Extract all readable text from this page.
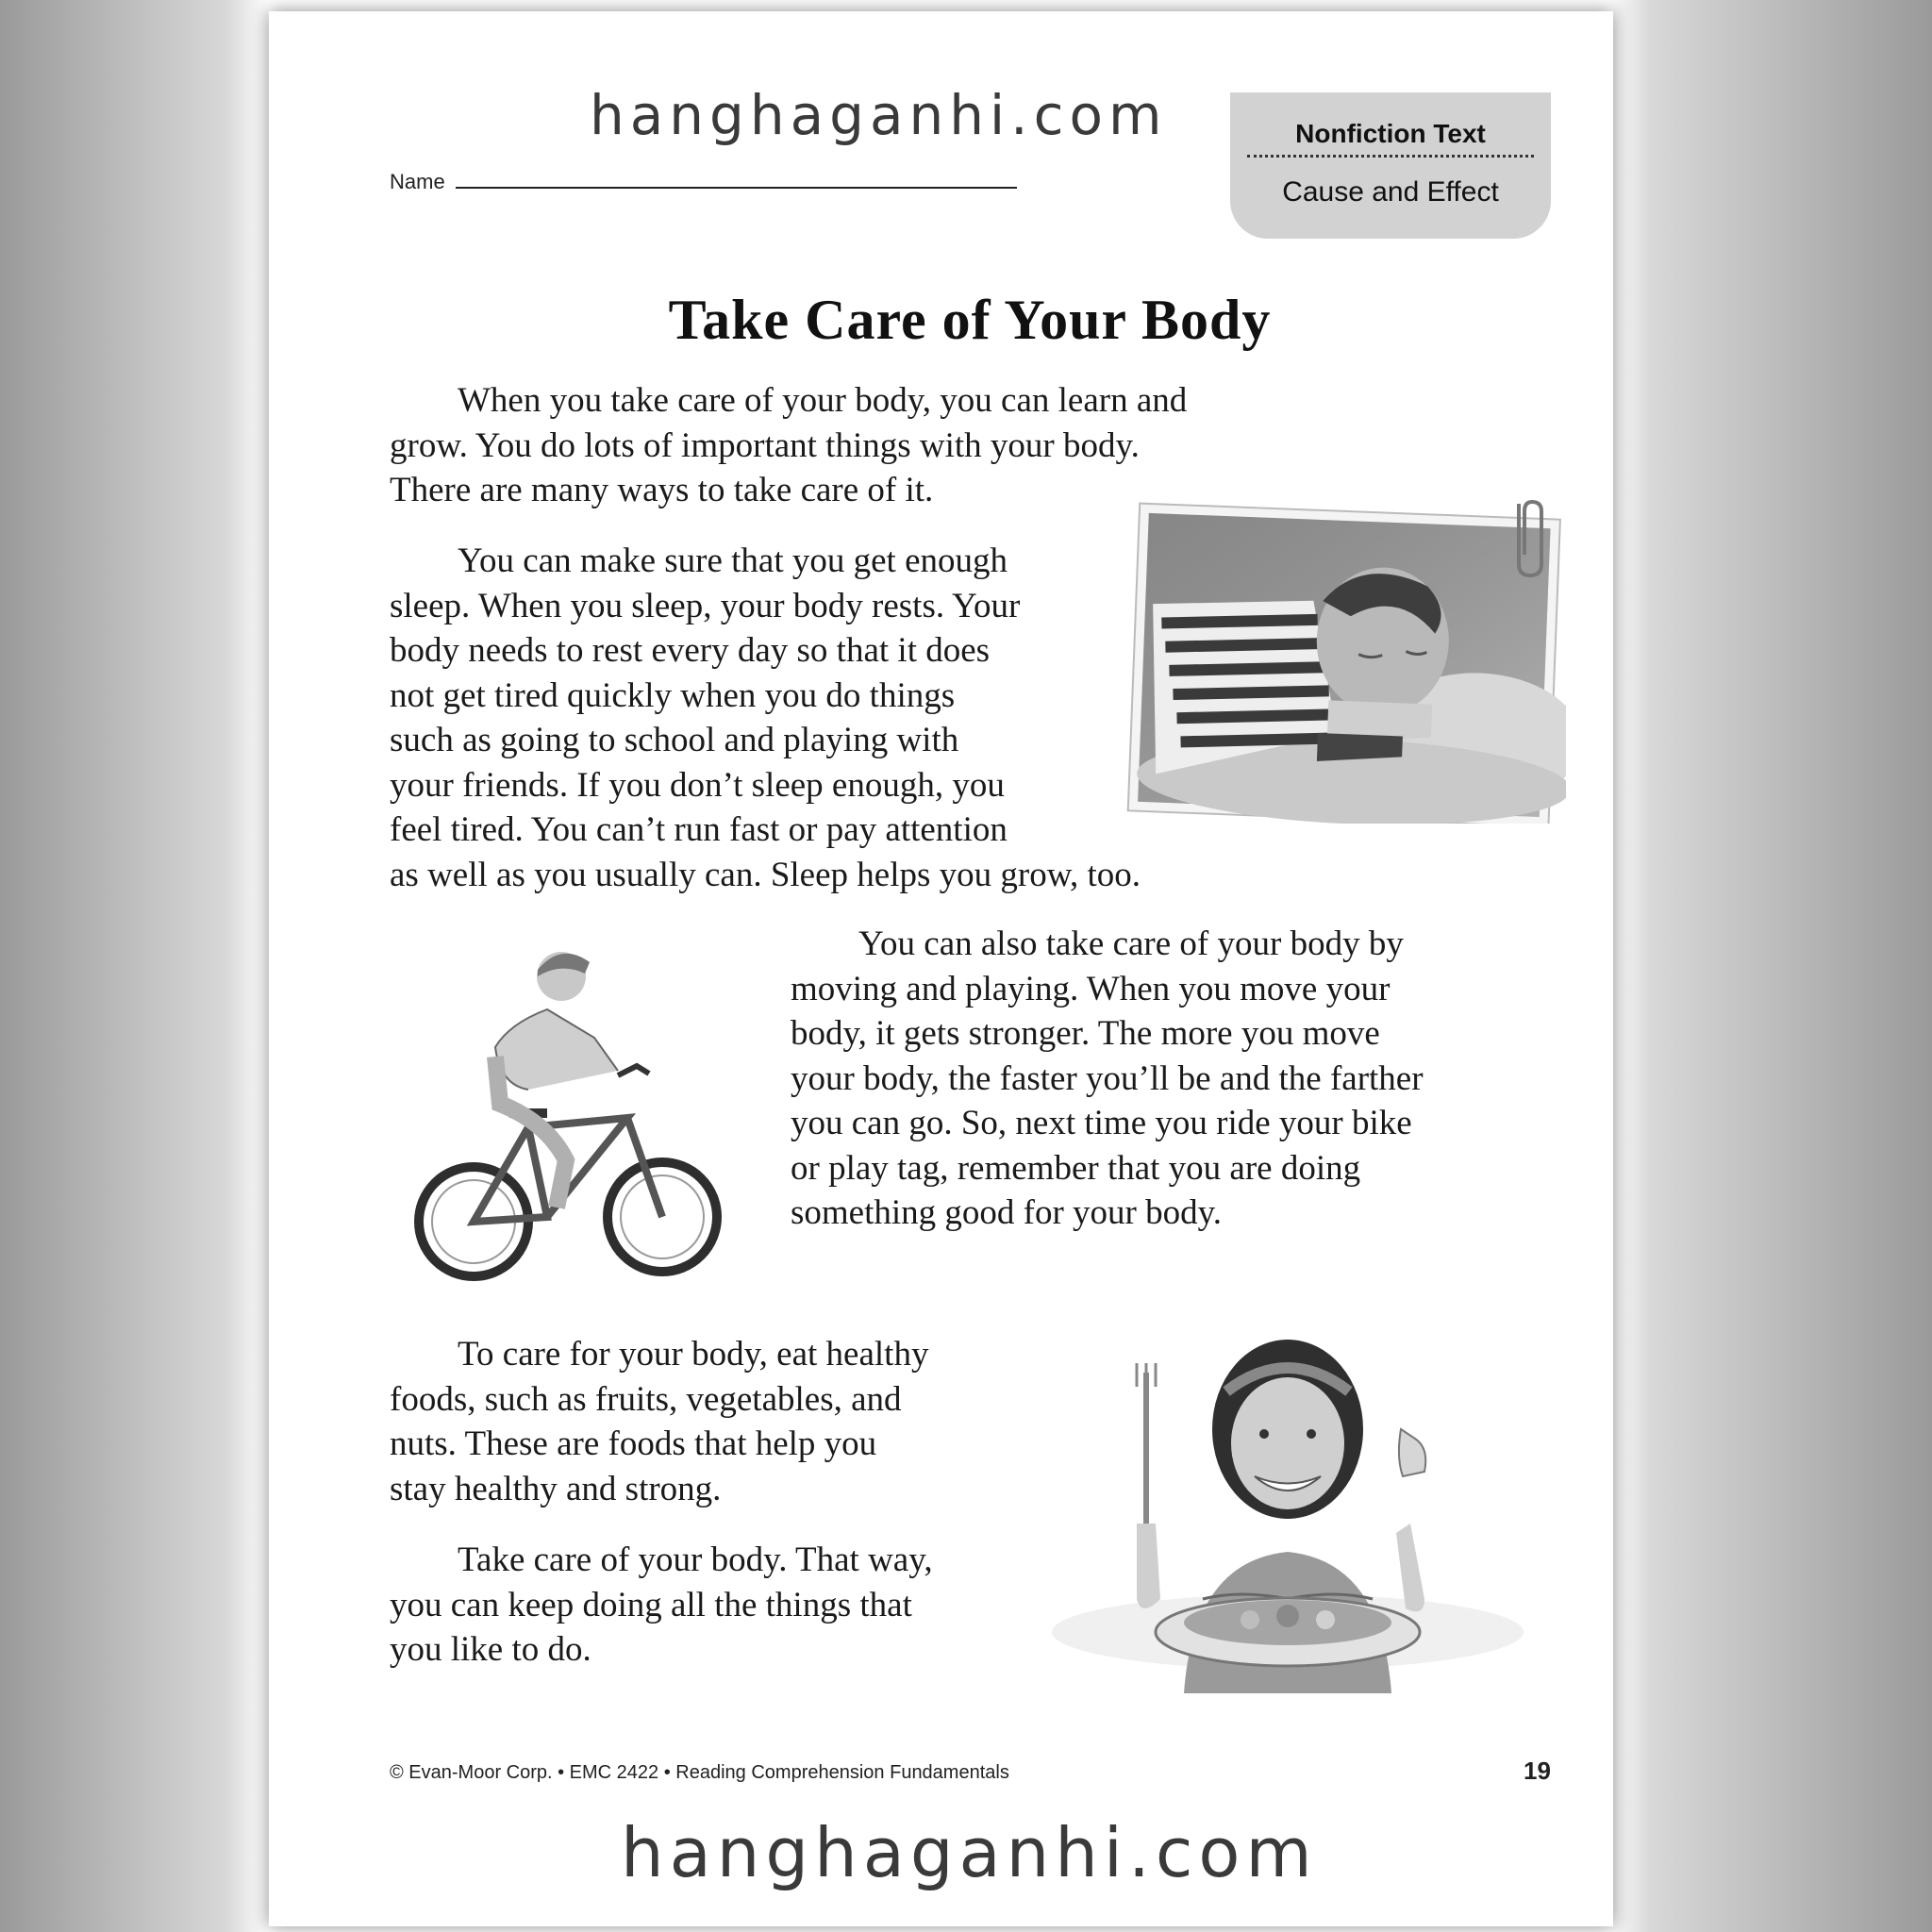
hanghaganhi.com
Name
Nonfiction Text
Cause and Effect
Take Care of Your Body

When you take care of your body, you can learn and
grow. You do lots of important things with your body.
There are many ways to take care of it.

You can make sure that you get enough
sleep. When you sleep, your body rests. Your
body needs to rest every day so that it does
not get tired quickly when you do things
such as going to school and playing with
your friends. If you don’t sleep enough, you
feel tired. You can’t run fast or pay attention
as well as you usually can. Sleep helps you grow, too.

You can also take care of your body by
moving and playing. When you move your
body, it gets stronger. The more you move
your body, the faster you’ll be and the farther
you can go. So, next time you ride your bike
or play tag, remember that you are doing
something good for your body.

To care for your body, eat healthy
foods, such as fruits, vegetables, and
nuts. These are foods that help you
stay healthy and strong.

Take care of your body. That way,
you can keep doing all the things that
you like to do.

© Evan-Moor Corp. • EMC 2422 • Reading Comprehension Fundamentals	19
hanghaganhi.com
